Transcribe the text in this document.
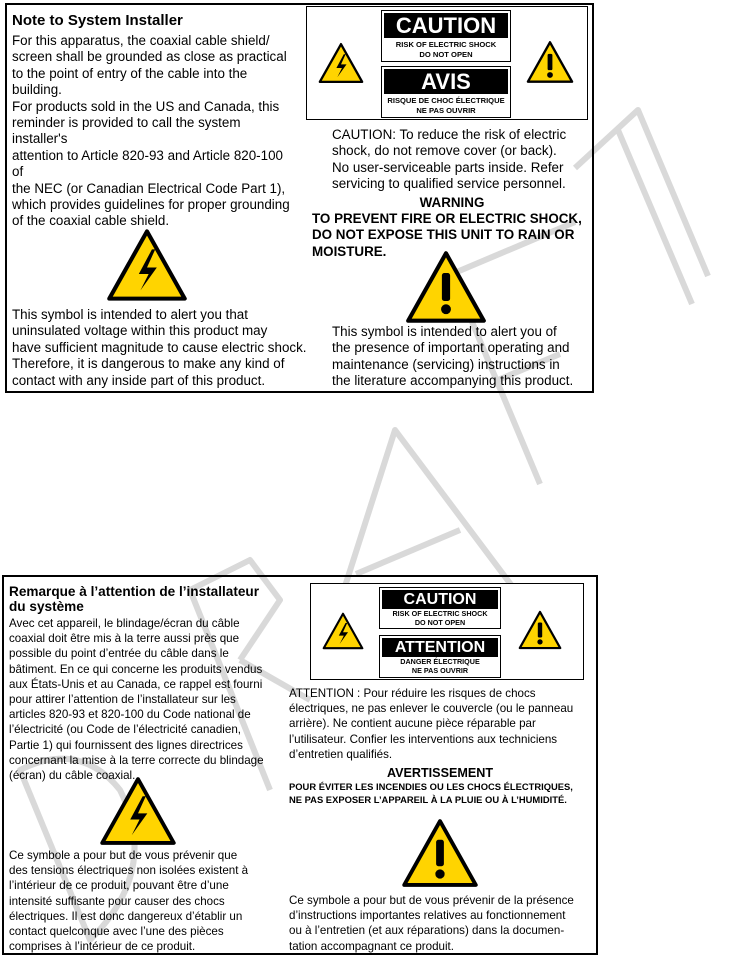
Note to System Installer

For this apparatus, the coaxial cable shield/
screen shall be grounded as close as practical
to the point of entry of the cable into the building.
For products sold in the US and Canada, this
reminder is provided to call the system installer's
attention to Article 820-93 and Article 820-100 of
the NEC (or Canadian Electrical Code Part 1),
which provides guidelines for proper grounding
of the coaxial cable shield.
CAUTION
RISK OF ELECTRIC SHOCK
DO NOT OPEN
AVIS
RISQUE DE CHOC ÉLECTRIQUE
NE PAS OUVRIR
CAUTION: To reduce the risk of electric
shock, do not remove cover (or back).
No user-serviceable parts inside. Refer
servicing to qualified service personnel.

WARNING

TO PREVENT FIRE OR ELECTRIC SHOCK,
DO NOT EXPOSE THIS UNIT TO RAIN OR
MOISTURE.
This symbol is intended to alert you that
uninsulated voltage within this product may
have sufficient magnitude to cause electric shock.
Therefore, it is dangerous to make any kind of
contact with any inside part of this product.
This symbol is intended to alert you of
the presence of important operating and
maintenance (servicing) instructions in
the literature accompanying this product.

Remarque à l’attention de l’installateur

du système

Avec cet appareil, le blindage/écran du câble
coaxial doit être mis à la terre aussi près que
possible du point d’entrée du câble dans le
bâtiment. En ce qui concerne les produits vendus
aux États-Unis et au Canada, ce rappel est fourni
pour attirer l’attention de l’installateur sur les
articles 820-93 et 820-100 du Code national de
l’électricité (ou Code de l’électricité canadien,
Partie 1) qui fournissent des lignes directrices
concernant la mise à la terre correcte du blindage
(écran) du câble coaxial.
CAUTION
RISK OF ELECTRIC SHOCK
DO NOT OPEN
ATTENTION
DANGER ÉLECTRIQUE
NE PAS OUVRIR
ATTENTION : Pour réduire les risques de chocs
électriques, ne pas enlever le couvercle (ou le panneau
arrière). Ne contient aucune pièce réparable par
l’utilisateur. Confier les interventions aux techniciens
d’entretien qualifiés.

AVERTISSEMENT

POUR ÉVITER LES INCENDIES OU LES CHOCS ÉLECTRIQUES,
NE PAS EXPOSER L’APPAREIL À LA PLUIE OU À L’HUMIDITÉ.
Ce symbole a pour but de vous prévenir que
des tensions électriques non isolées existent à
l’intérieur de ce produit, pouvant être d’une
intensité suffisante pour causer des chocs
électriques. Il est donc dangereux d’établir un
contact quelconque avec l’une des pièces
comprises à l’intérieur de ce produit.
Ce symbole a pour but de vous prévenir de la présence
d’instructions importantes relatives au fonctionnement
ou à l’entretien (et aux réparations) dans la documen-
tation accompagnant ce produit.
